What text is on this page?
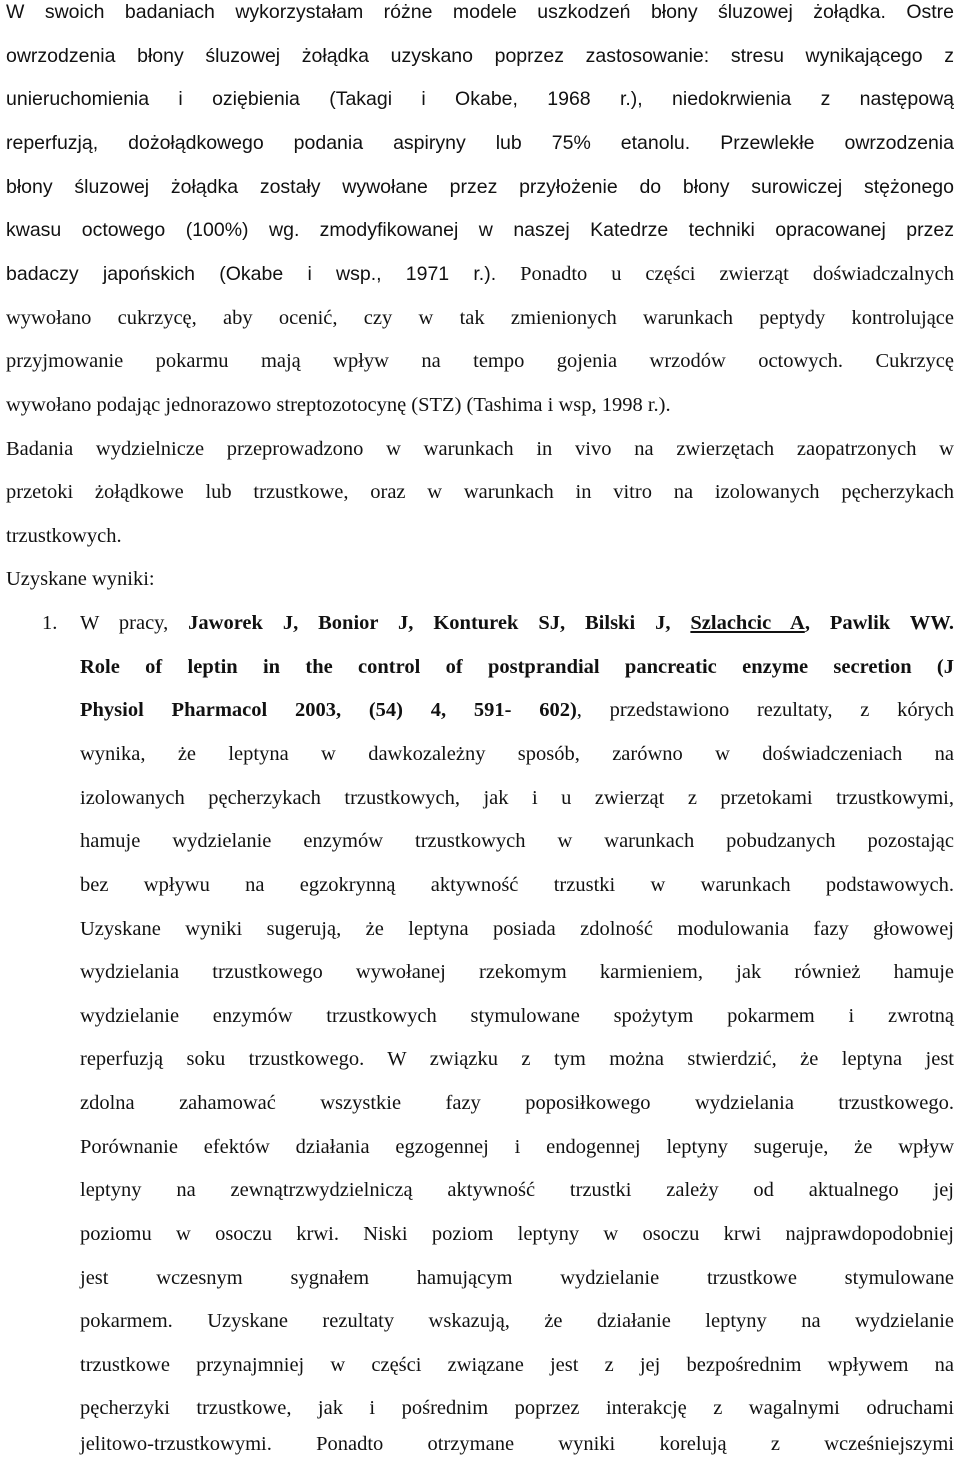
W swoich badaniach wykorzystałam różne modele uszkodzeń błony śluzowej żołądka. Ostre
owrzodzenia błony śluzowej żołądka uzyskano poprzez zastosowanie: stresu wynikającego z
unieruchomienia i oziębienia (Takagi i Okabe, 1968 r.), niedokrwienia z następową
reperfuzją, dożołądkowego podania aspiryny lub 75% etanolu. Przewlekłe owrzodzenia
błony śluzowej żołądka zostały wywołane przez przyłożenie do błony surowiczej stężonego
kwasu octowego (100%) wg. zmodyfikowanej w naszej Katedrze techniki opracowanej przez
badaczy japońskich (Okabe i wsp., 1971 r.). Ponadto u części zwierząt doświadczalnych
wywołano cukrzycę, aby ocenić, czy w tak zmienionych warunkach peptydy kontrolujące
przyjmowanie pokarmu mają wpływ na tempo gojenia wrzodów octowych. Cukrzycę
wywołano podając jednorazowo streptozotocynę (STZ) (Tashima i wsp, 1998 r.).
Badania wydzielnicze przeprowadzono w warunkach in vivo na zwierzętach zaopatrzonych w
przetoki żołądkowe lub trzustkowe, oraz w warunkach in vitro na izolowanych pęcherzykach
trzustkowych.
Uzyskane wyniki:
1. W pracy, Jaworek J, Bonior J, Konturek SJ, Bilski J, Szlachcic A, Pawlik WW.
Role of leptin in the control of postprandial pancreatic enzyme secretion (J
Physiol Pharmacol 2003, (54) 4, 591- 602), przedstawiono rezultaty, z kórych
wynika, że leptyna w dawkozależny sposób, zarówno w doświadczeniach na
izolowanych pęcherzykach trzustkowych, jak i u zwierząt z przetokami trzustkowymi,
hamuje wydzielanie enzymów trzustkowych w warunkach pobudzanych pozostając
bez wpływu na egzokrynną aktywność trzustki w warunkach podstawowych.
Uzyskane wyniki sugerują, że leptyna posiada zdolność modulowania fazy głowowej
wydzielania trzustkowego wywołanej rzekomym karmieniem, jak również hamuje
wydzielanie enzymów trzustkowych stymulowane spożytym pokarmem i zwrotną
reperfuzją soku trzustkowego. W związku z tym można stwierdzić, że leptyna jest
zdolna zahamować wszystkie fazy poposiłkowego wydzielania trzustkowego.
Porównanie efektów działania egzogennej i endogennej leptyny sugeruje, że wpływ
leptyny na zewnątrzwydzielniczą aktywność trzustki zależy od aktualnego jej
poziomu w osoczu krwi. Niski poziom leptyny w osoczu krwi najprawdopodobniej
jest wczesnym sygnałem hamującym wydzielanie trzustkowe stymulowane
pokarmem. Uzyskane rezultaty wskazują, że działanie leptyny na wydzielanie
trzustkowe przynajmniej w części związane jest z jej bezpośrednim wpływem na
pęcherzyki trzustkowe, jak i pośrednim poprzez interakcję z wagalnymi odruchami
jelitowo-trzustkowymi. Ponadto otrzymane wyniki korelują z wcześniejszymi
